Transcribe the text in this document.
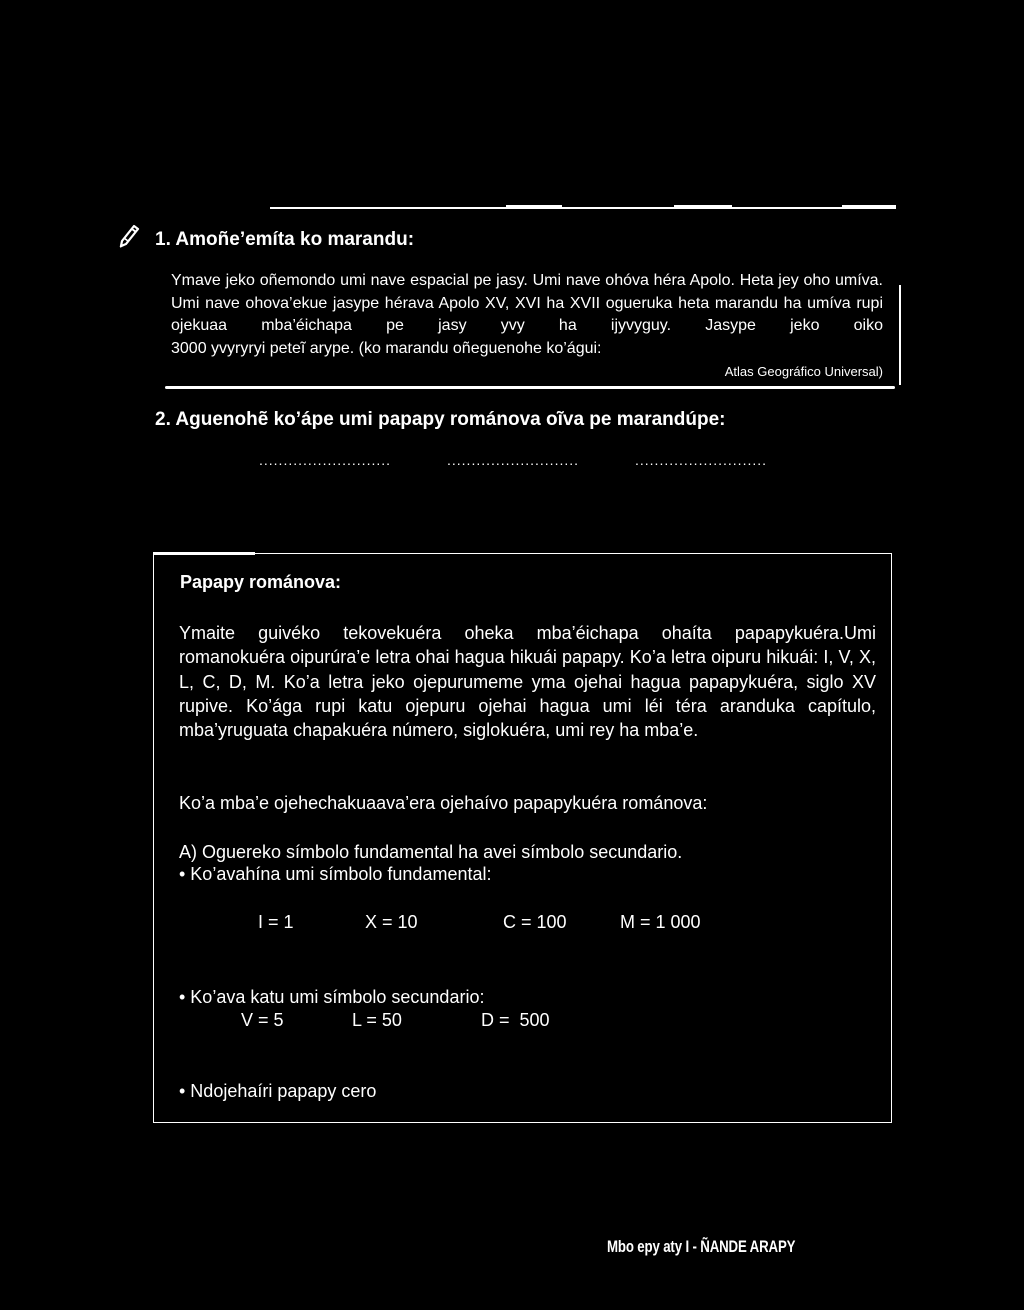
1. Amoñe’emíta ko marandu:
Ymave jeko oñemondo umi nave espacial pe jasy. Umi nave ohóva héra Apolo. Heta jey oho umíva. Umi nave ohova’ekue jasype hérava Apolo XV, XVI ha XVII ogueruka heta marandu ha umíva rupi ojekuaa mba’éichapa pe jasy yvy ha ijyvyguy. Jasype jeko oiko
3000 yvyryryi peteĩ arype. (ko marandu oñeguenohe ko’águi:
Atlas Geográfico Universal)
2. Aguenohẽ ko’ápe umi papapy románova oĩva pe marandúpe:
...........................	...........................	...........................
Papapy románova:
Ymaite guivéko tekovekuéra oheka mba’éichapa ohaíta papapykuéra.Umi romanokuéra oipurúra’e letra ohai hagua hikuái papapy. Ko’a letra oipuru hikuái: I, V, X, L, C, D, M. Ko’a letra jeko ojepurumeme yma ojehai hagua papapykuéra, siglo XV rupive. Ko’ága rupi katu ojepuru ojehai hagua umi léi téra aranduka capítulo, mba’yruguata chapakuéra número, siglokuéra, umi rey ha mba’e.
Ko’a mba’e ojehechakuaava’era ojehaívo papapykuéra románova:
A) Oguereko símbolo fundamental ha avei símbolo secundario.
• Ko’avahína umi símbolo fundamental:
I = 1	X = 10	C = 100	M = 1 000
• Ko’ava katu umi símbolo secundario:
V = 5	L = 50	D =  500
• Ndojehaíri papapy cero
Mbo epy aty I - ÑANDE ARAPY
